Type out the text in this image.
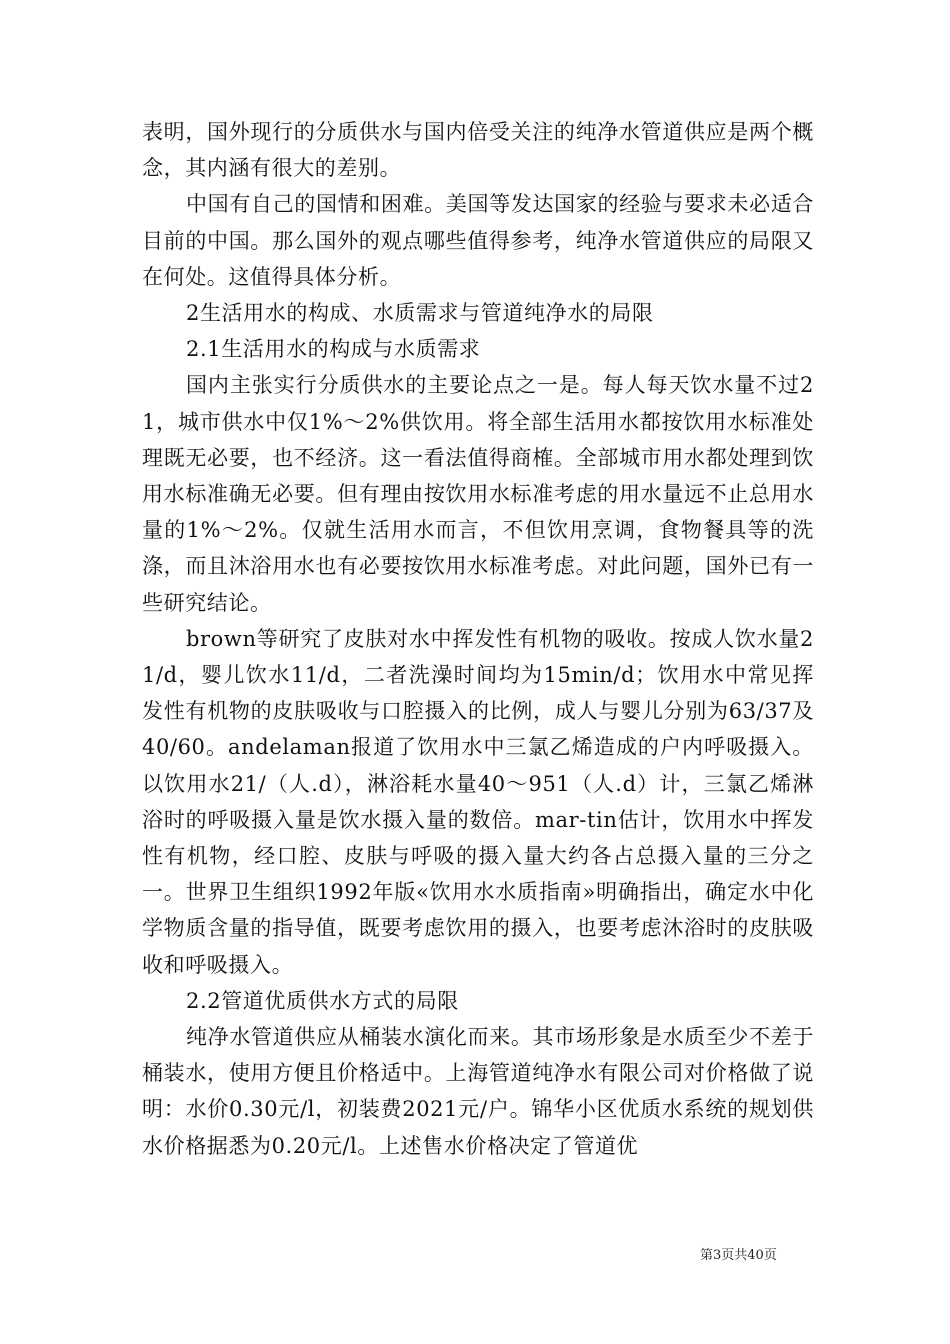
表明，国外现行的分质供水与国内倍受关注的纯净水管道供应是两个概念，其内涵有很大的差别。

中国有自己的国情和困难。美国等发达国家的经验与要求未必适合目前的中国。那么国外的观点哪些值得参考，纯净水管道供应的局限又在何处。这值得具体分析。

2生活用水的构成、水质需求与管道纯净水的局限

2.1生活用水的构成与水质需求

国内主张实行分质供水的主要论点之一是。每人每天饮水量不过21，城市供水中仅1%～2%供饮用。将全部生活用水都按饮用水标准处理既无必要，也不经济。这一看法值得商榷。全部城市用水都处理到饮用水标准确无必要。但有理由按饮用水标准考虑的用水量远不止总用水量的1%～2%。仅就生活用水而言，不但饮用烹调，食物餐具等的洗涤，而且沐浴用水也有必要按饮用水标准考虑。对此问题，国外已有一些研究结论。

brown等研究了皮肤对水中挥发性有机物的吸收。按成人饮水量21/d，婴儿饮水11/d，二者洗澡时间均为15min/d；饮用水中常见挥发性有机物的皮肤吸收与口腔摄入的比例，成人与婴儿分别为63/37及40/60。andelaman报道了饮用水中三氯乙烯造成的户内呼吸摄入。以饮用水21/（人.d），淋浴耗水量40～951（人.d）计，三氯乙烯淋浴时的呼吸摄入量是饮水摄入量的数倍。mar-tin估计，饮用水中挥发性有机物，经口腔、皮肤与呼吸的摄入量大约各占总摄入量的三分之一。世界卫生组织1992年版«饮用水水质指南»明确指出，确定水中化学物质含量的指导值，既要考虑饮用的摄入，也要考虑沐浴时的皮肤吸收和呼吸摄入。

2.2管道优质供水方式的局限

纯净水管道供应从桶装水演化而来。其市场形象是水质至少不差于桶装水，使用方便且价格适中。上海管道纯净水有限公司对价格做了说明：水价0.30元/l，初装费2021元/户。锦华小区优质水系统的规划供水价格据悉为0.20元/l。上述售水价格决定了管道优

第3页共40页
